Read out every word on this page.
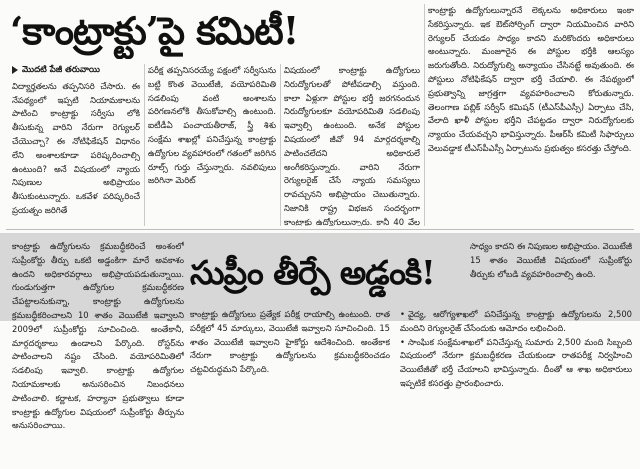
‘కాంట్రాక్టు’పై కమిటీ!
మొదటి పేజీ తరువాయి

విద్యార్హతలను తప్పనిసరి చేసారు. ఈ నేపథ్యంలో ఇప్పటి నియామకాలను పాటించి కాంట్రాక్టు సర్వీసు లోకి తీసుకున్న వారిని నేరుగా రెగ్యులర్ చేయొచ్చా? ఈ నోటిఫికేషన్ విధానం లేని అంశాలకూడా పరిష్కరించాల్సి ఉంటుంది? అనే విషయంలో న్యాయ నిపుణుల అభిప్రాయం తీసుకుంటున్నారు. ఒకవేళ పరిష్కరించే ప్రయత్నం జరిగితే

పరీక్ష తప్పనిసరయ్యే పక్షంలో సర్వీసును బట్టి కొంత వెయిటేజీ, వయోపరిమితి సడలింపు వంటి అంశాలను పరిగణనలోకి తీసుకోవాల్సి ఉంటుంది. ఐటీడీఏ పంచాయతీరాజ్, స్త్రీ శిశు సంక్షేమ శాఖల్లో పనిచేస్తున్న కాంట్రాక్టు ఉద్యోగుల వ్యవహారంలో గతంలో జరిగిన రూల్స్ గుర్తు చేస్తున్నారు. నవలిపులు జరిగినా మెరిట్

విషయంలో కాంట్రాక్టు ఉద్యోగులు నిరుద్యోగులతో పోటీపడాల్సి వస్తుంది. కాలా ఏళ్లుగా పోస్టుల భర్తీ జరగనందున నిరుద్యోగులకూ వయోపరిమితి సడలింపు ఇవ్వాల్సి ఉంటుంది. అనేక పోస్టుల విషయంలో జీవో 94 మార్గదర్శకాల్ని పాటించలేదని అధికారులే అంగీకరిస్తున్నారు. వారిని నేరుగా రెగ్యులరైజ్ చేసే న్యాయ సమస్యలు రావచ్చునని అభిప్రాయం చెబుతున్నారు. నిజానికి రాష్ట్ర విభజన సందర్భంగా కాంట్రాక్టు ఉద్యోగులున్నారు. కానీ 40 వేల

కాంట్రాక్టు ఉద్యోగులున్నారనే లెక్కలను అధికారులు ఇంకా సేకరిస్తున్నారు. ఇక ఔట్‌సోర్సింగ్ ద్వారా నియమించిన వారిని రెగ్యులర్ చేయడం సాధ్యం కాదని మరికొందరు అధికారులు అంటున్నారు. మంజూరైన ఈ పోస్టుల భర్తీకి ఆలస్యం జరుగుతోంది. నిరుద్యోగుల్ని అన్యాయం చేసినట్టే అవుతుంది. ఈ పోస్టులు నోటిఫికేషన్ ద్వారా భర్తీ చేయాలి. ఈ నేపథ్యంలో ప్రభుత్వాన్ని జాగ్రత్తగా వ్యవహరించాలని కోరుతున్నారు. తెలంగాణ పబ్లిక్ సర్వీస్ కమిషన్ (టీఎస్‌పీఎస్సీ) ఏర్పాటు చేసి, వేలాది ఖాళీ పోస్టుల భర్తీని చేపట్టడం ద్వారా నిరుద్యోగులకు న్యాయం చేయవచ్చని భావిస్తున్నారు. పీఆర్‌సీ కమిటీ సిఫార్సులు వెలువడ్డాక టీఎస్‌పీఎస్సీ ఏర్పాటును ప్రభుత్వం కసరత్తు చేస్తోంది.

సుప్రీం తీర్పే అడ్డంకి!

కాంట్రాక్టు ఉద్యోగులను క్రమబద్ధీకరించే అంశంలో సుప్రీంకోర్టు తీర్పు ఒకటి అడ్డంకిగా మారే అవకాశం ఉందని అధికారవర్గాలు అభిప్రాయపడుతున్నాయి. గుండుగుత్తగా ఉద్యోగుల క్రమబద్ధీకరణ చేపట్టాలనుకున్నా, కాంట్రాక్టు ఉద్యోగులను క్రమబద్ధీకరించాలని 10 శాతం వెయిటేజీ ఇవ్వాలని 2009లో సుప్రీంకోర్టు సూచించింది. అంతేకానీ, మార్గదర్శకాలు ఉండాలని పేర్కొంది. రోస్టర్‌ను పాటించాలని నష్టం చేసింది. వయోపరిమితిలో సడలింపు ఇవ్వాలి. కాంట్రాక్టు ఉద్యోగుల నియామకాలకు అనుసరించిన నిబంధనలు పాటించాలి. కర్ణాటక, హర్యానా ప్రభుత్వాలు కూడా కాంట్రాక్టు ఉద్యోగుల విషయంలో సుప్రీంకోర్టు తీర్పును అనుసరించాయి.

సాధ్యం కాదని ఈ నిపుణుల అభిప్రాయం. వెయిటేజీ 15 శాతం వెయిటేజీ విషయంలో సుప్రీంకోర్టు తీర్పుకు లోబడి వ్యవహరించాల్సి ఉంది.

కాంట్రాక్టు ఉద్యోగులు ప్రత్యేక పరీక్ష రాయాల్సి ఉంటుంది. రాత పరీక్షలో 45 మార్కులు, వెయిటేజీ ఇవ్వాలని సూచించింది. 15 శాతం వెయిటేజీ ఇవ్వాలని హైకోర్టు ఆదేశించింది. అంతేకాక నేరుగా కాంట్రాక్టు ఉద్యోగులను క్రమబద్ధీకరించడం చట్టవిరుద్ధమని పేర్కొంది.

• వైద్య, ఆరోగ్యశాఖలో పనిచేస్తున్న కాంట్రాక్టు ఉద్యోగులను 2,500 మందిని రెగ్యులరైజ్ చేసేందుకు ఆమోదం లభించింది.

• సాంఘిక సంక్షేమశాఖలో పనిచేస్తున్న సుమారు 2,500 మంది సిబ్బంది విషయంలో నేరుగా క్రమబద్ధీకరణ చేయకుండా రాతపరీక్ష నిర్వహించి వెయిటేజీతో భర్తీ చేయాలని భావిస్తున్నారు. దీంతో ఆ శాఖ అధికారులు ఇప్పటికే కసరత్తు ప్రారంభించారు.
